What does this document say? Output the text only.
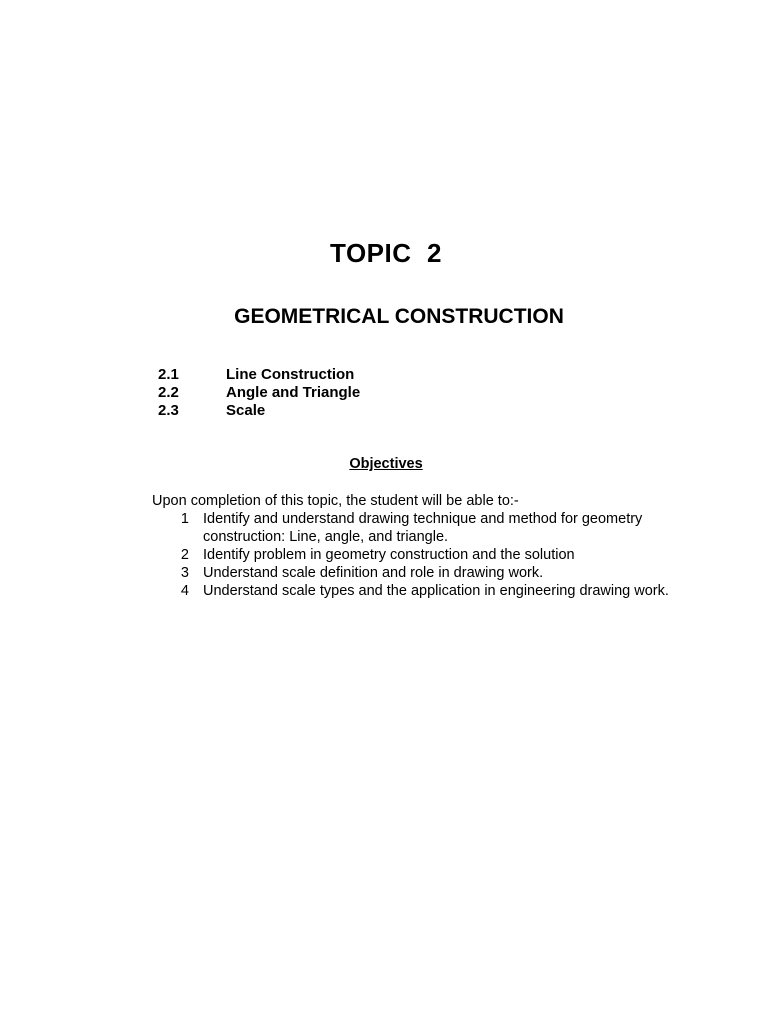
TOPIC  2
GEOMETRICAL CONSTRUCTION
2.1	Line Construction
2.2	Angle and Triangle
2.3	Scale
Objectives
Upon completion of this topic, the student will be able to:-
1 Identify and understand drawing technique and method for geometry construction: Line, angle, and triangle.
2 Identify problem in geometry construction and the solution
3 Understand scale definition and role in drawing work.
4 Understand scale types and the application in engineering drawing work.
